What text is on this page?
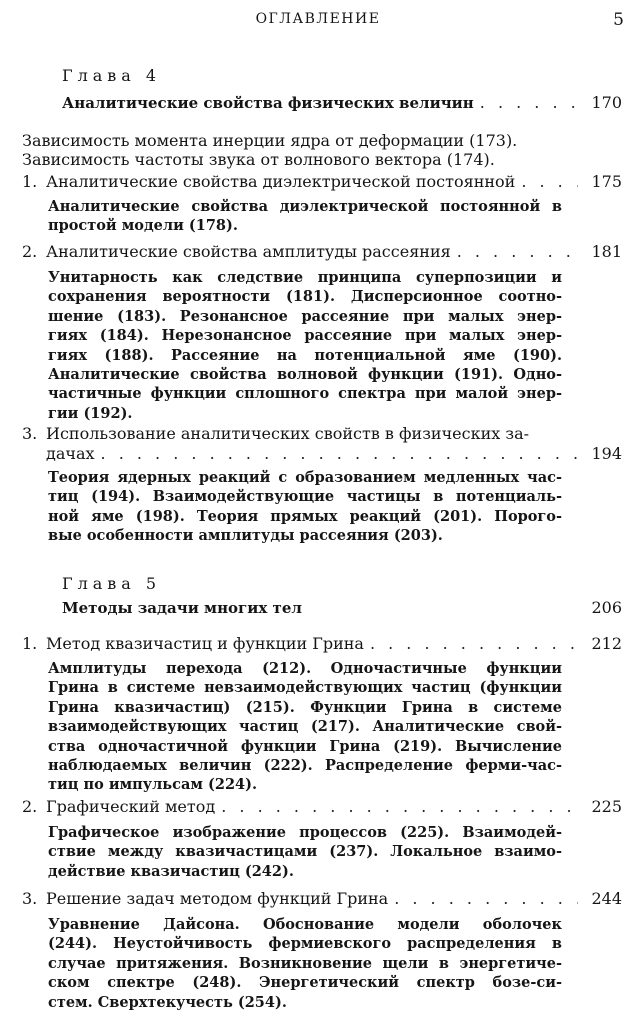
ОГЛАВЛЕНИЕ	5
Глава 4
Аналитические свойства физических величин . . .	170
Зависимость момента инерции ядра от деформации (173).
Зависимость частоты звука от волнового вектора (174).
1. Аналитические свойства диэлектрической постоянной . . .	175
Аналитические свойства диэлектрической постоянной в
простой модели (178).
2. Аналитические свойства амплитуды рассеяния . . .	181
Унитарность как следствие принципа суперпозиции и
сохранения вероятности (181). Дисперсионное соотно-
шение (183). Резонансное рассеяние при малых энер-
гиях (184). Нерезонансное рассеяние при малых энер-
гиях (188). Рассеяние на потенциальной яме (190).
Аналитические свойства волновой функции (191). Одно-
частичные функции сплошного спектра при малой энер-
гии (192).
3. Использование аналитических свойств в физических за-
дачах . . .	194
Теория ядерных реакций с образованием медленных час-
тиц (194). Взаимодействующие частицы в потенциаль-
ной яме (198). Теория прямых реакций (201). Порого-
вые особенности амплитуды рассеяния (203).
Глава 5
Методы задачи многих тел	206
1. Метод квазичастиц и функции Грина . . .	212
Амплитуды перехода (212). Одночастичные функции
Грина в системе невзаимодействующих частиц (функции
Грина квазичастиц) (215). Функции Грина в системе
взаимодействующих частиц (217). Аналитические свой-
ства одночастичной функции Грина (219). Вычисление
наблюдаемых величин (222). Распределение ферми-час-
тиц по импульсам (224).
2. Графический метод . . .	225
Графическое изображение процессов (225). Взаимодей-
ствие между квазичастицами (237). Локальное взаимо-
действие квазичастиц (242).
3. Решение задач методом функций Грина . . .	244
Уравнение Дайсона. Обоснование модели оболочек
(244). Неустойчивость фермиевского распределения в
случае притяжения. Возникновение щели в энергетиче-
ском спектре (248). Энергетический спектр бозе-си-
стем. Сверхтекучесть (254).
